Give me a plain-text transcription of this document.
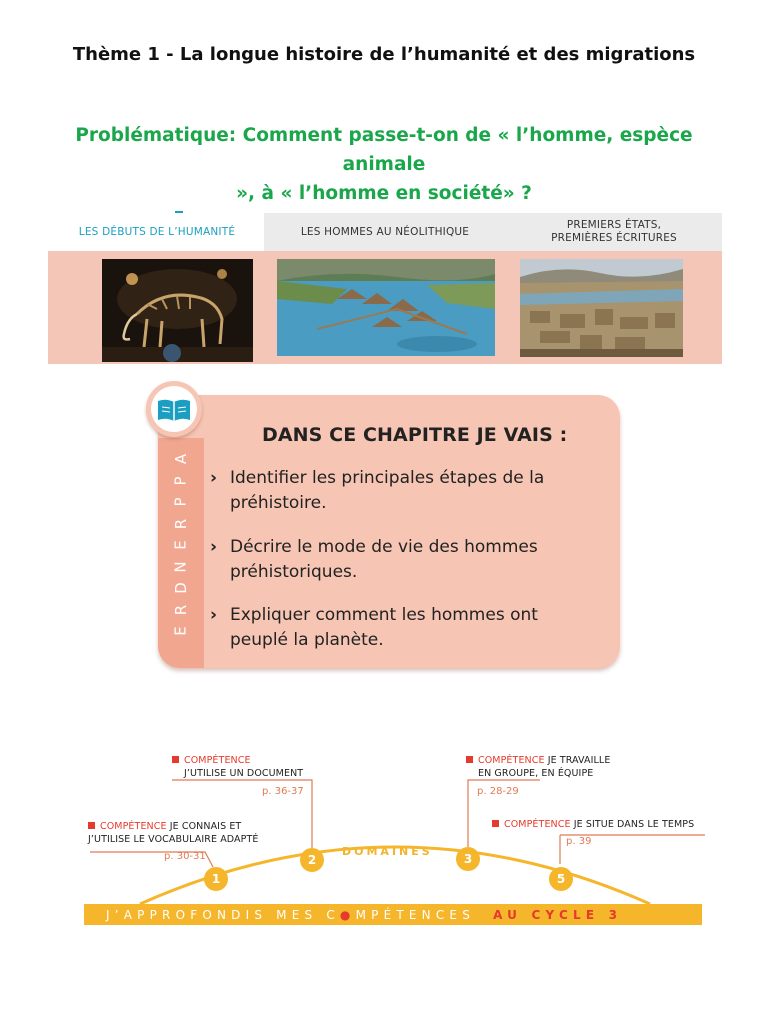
Thème 1 - La longue histoire de l’humanité et des migrations
Problématique: Comment passe-t-on de « l’homme, espèce animale
», à « l’homme en société» ?
LES DÉBUTS DE L’HUMANITÉ	LES HOMMES AU NÉOLITHIQUE
PREMIERS ÉTATS,
PREMIÈRES ÉCRITURES
A
P
P
R
E
N
D
R
E
DANS CE CHAPITRE JE VAIS :
› Identifier les principales étapes de la
préhistoire.
› Décrire le mode de vie des hommes
préhistoriques.
› Expliquer comment les hommes ont
peuplé la planète.
1
2	3
5
DOMAINES
COMPÉTENCE JE CONNAIS ET
J’UTILISE LE VOCABULAIRE ADAPTÉ
p. 30-31
COMPÉTENCE
J’UTILISE UN DOCUMENT
p. 36-37
COMPÉTENCE JE TRAVAILLE
EN GROUPE, EN ÉQUIPE
p. 28-29
COMPÉTENCE JE SITUE DANS LE TEMPS
p. 39
J’APPROFONDIS MES C●MPÉTENCES AU CYCLE 3
